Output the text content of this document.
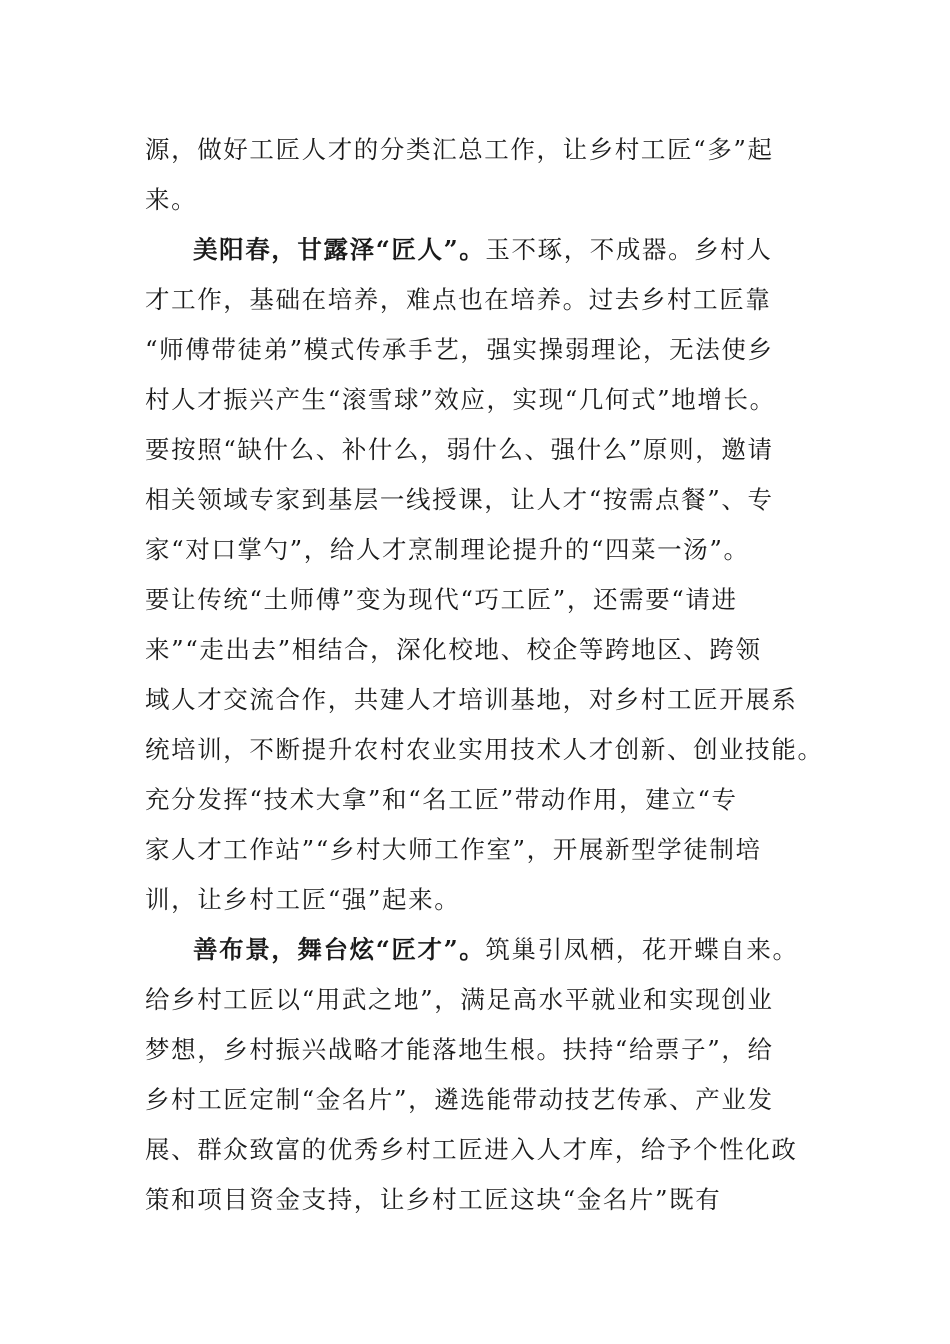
源，做好工匠人才的分类汇总工作，让乡村工匠“多”起
来。
美阳春，甘露泽“匠人”。玉不琢，不成器。乡村人
才工作，基础在培养，难点也在培养。过去乡村工匠靠
“师傅带徒弟”模式传承手艺，强实操弱理论，无法使乡
村人才振兴产生“滚雪球”效应，实现“几何式”地增长。
要按照“缺什么、补什么，弱什么、强什么”原则，邀请
相关领域专家到基层一线授课，让人才“按需点餐”、专
家“对口掌勺”，给人才烹制理论提升的“四菜一汤”。
要让传统“土师傅”变为现代“巧工匠”，还需要“请进
来”“走出去”相结合，深化校地、校企等跨地区、跨领
域人才交流合作，共建人才培训基地，对乡村工匠开展系
统培训，不断提升农村农业实用技术人才创新、创业技能。
充分发挥“技术大拿”和“名工匠”带动作用，建立“专
家人才工作站”“乡村大师工作室”，开展新型学徒制培
训，让乡村工匠“强”起来。
善布景，舞台炫“匠才”。筑巢引凤栖，花开蝶自来。
给乡村工匠以“用武之地”，满足高水平就业和实现创业
梦想，乡村振兴战略才能落地生根。扶持“给票子”，给
乡村工匠定制“金名片”，遴选能带动技艺传承、产业发
展、群众致富的优秀乡村工匠进入人才库，给予个性化政
策和项目资金支持，让乡村工匠这块“金名片”既有
